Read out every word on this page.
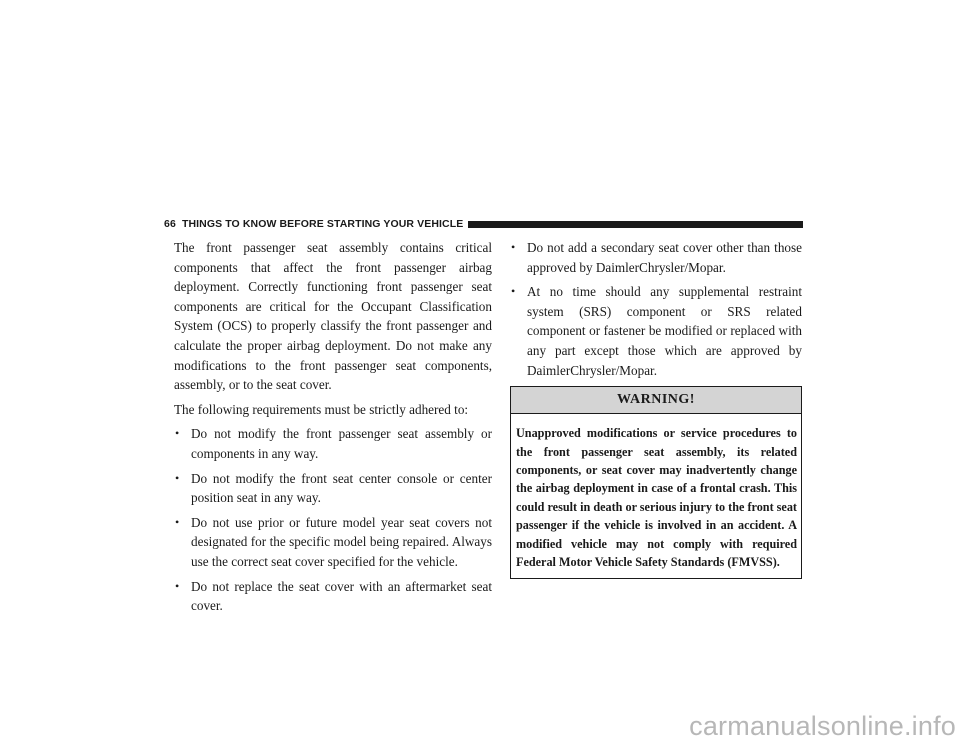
66 THINGS TO KNOW BEFORE STARTING YOUR VEHICLE

The front passenger seat assembly contains critical components that affect the front passenger airbag deployment. Correctly functioning front passenger seat components are critical for the Occupant Classification System (OCS) to properly classify the front passenger and calculate the proper airbag deployment. Do not make any modifications to the front passenger seat components, assembly, or to the seat cover.

The following requirements must be strictly adhered to:

• Do not modify the front passenger seat assembly or components in any way.
• Do not modify the front seat center console or center position seat in any way.
• Do not use prior or future model year seat covers not designated for the specific model being repaired. Always use the correct seat cover specified for the vehicle.
• Do not replace the seat cover with an aftermarket seat cover.
• Do not add a secondary seat cover other than those approved by DaimlerChrysler/Mopar.
• At no time should any supplemental restraint system (SRS) component or SRS related component or fastener be modified or replaced with any part except those which are approved by DaimlerChrysler/Mopar.
WARNING!
Unapproved modifications or service procedures to the front passenger seat assembly, its related components, or seat cover may inadvertently change the airbag deployment in case of a frontal crash. This could result in death or serious injury to the front seat passenger if the vehicle is involved in an accident. A modified vehicle may not comply with required Federal Motor Vehicle Safety Standards (FMVSS).
carmanualsonline.info
